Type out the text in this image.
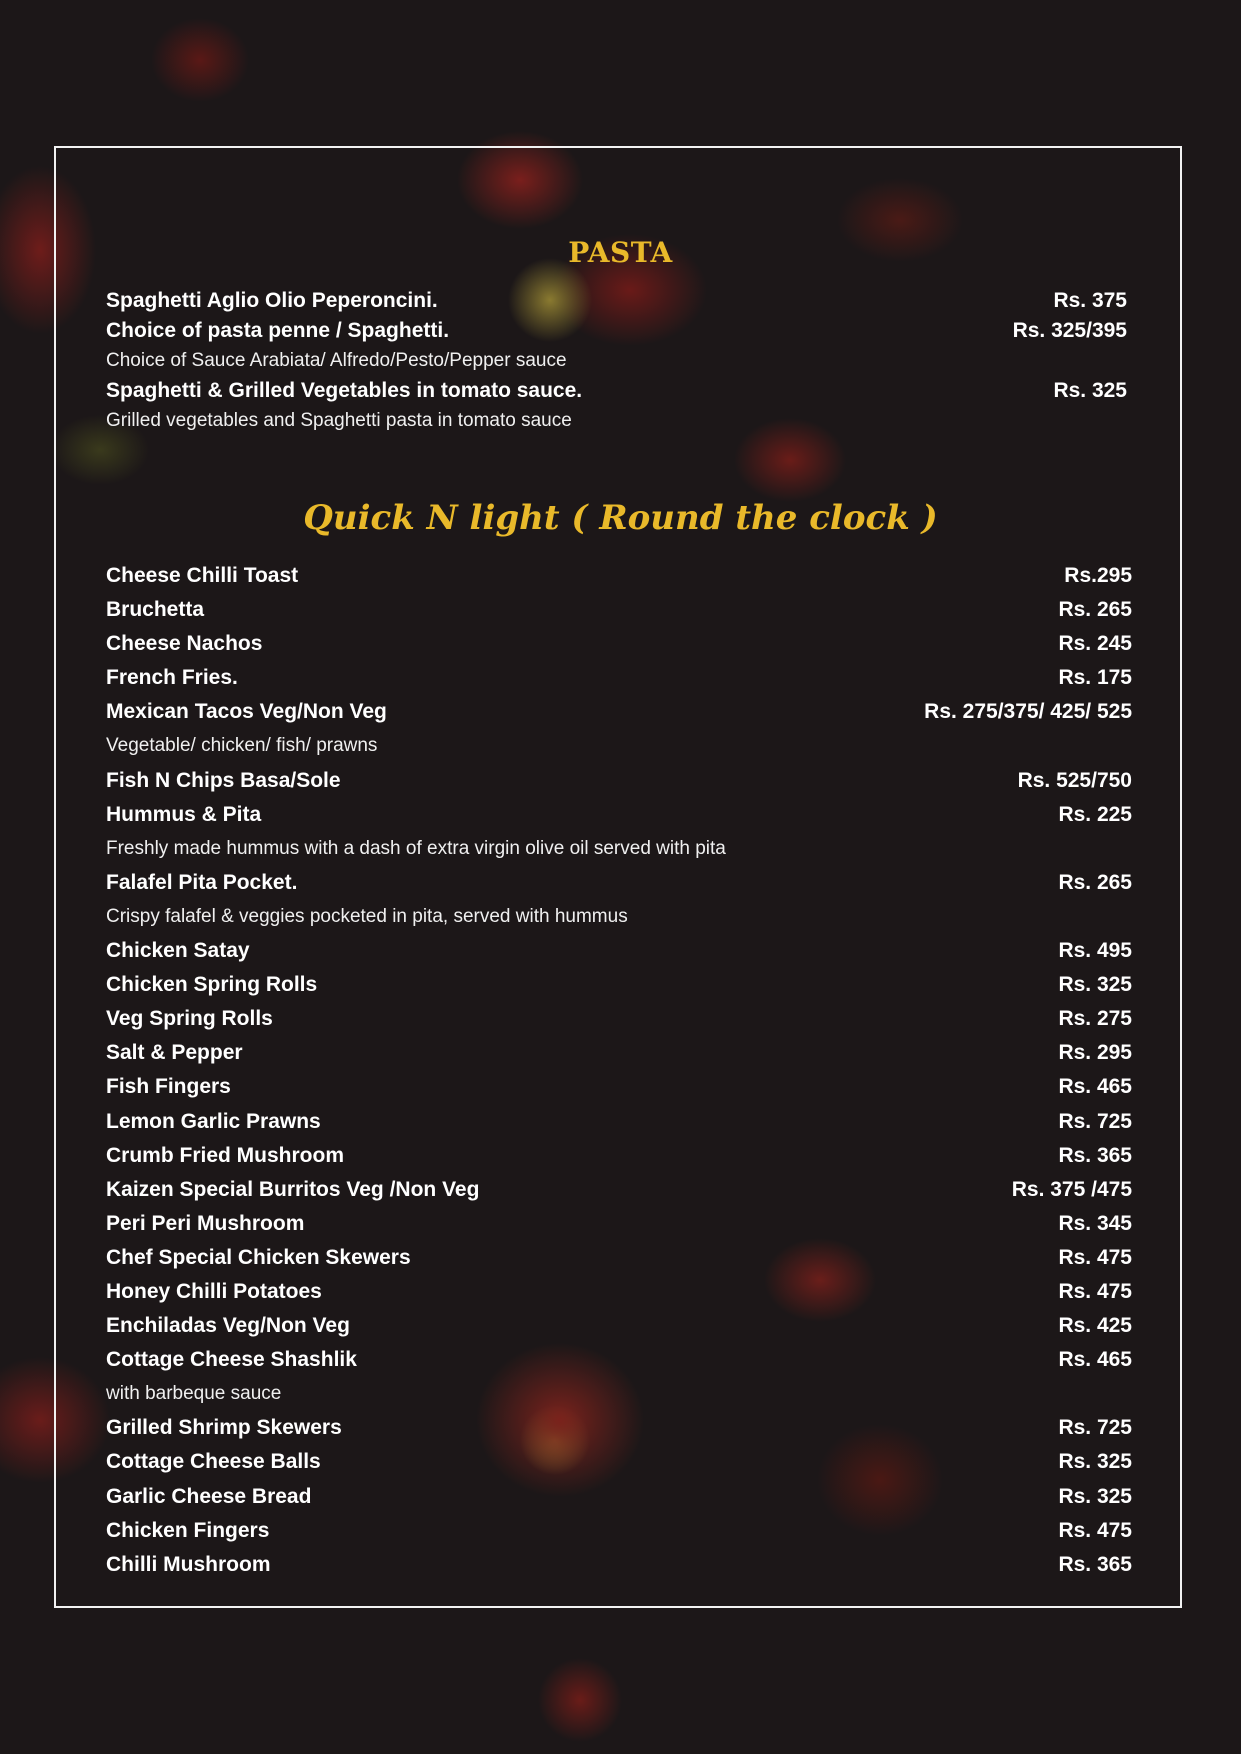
PASTA
Spaghetti Aglio Olio Peperoncini.	Rs. 375
Choice of pasta penne / Spaghetti.	Rs. 325/395
Choice of Sauce Arabiata/ Alfredo/Pesto/Pepper sauce
Spaghetti & Grilled Vegetables in tomato sauce.	Rs. 325
Grilled vegetables and Spaghetti pasta in tomato sauce
Quick N light ( Round the clock )
Cheese Chilli Toast	Rs.295
Bruchetta	Rs. 265
Cheese Nachos	Rs. 245
French Fries.	Rs. 175
Mexican Tacos Veg/Non Veg	Rs. 275/375/ 425/ 525
Vegetable/ chicken/ fish/ prawns
Fish N Chips Basa/Sole	Rs. 525/750
Hummus & Pita	Rs. 225
Freshly made hummus with a dash of extra virgin olive oil served with pita
Falafel Pita Pocket.	Rs. 265
Crispy falafel & veggies pocketed in pita, served with hummus
Chicken Satay	Rs. 495
Chicken Spring Rolls	Rs. 325
Veg Spring Rolls	Rs. 275
Salt & Pepper	Rs. 295
Fish Fingers	Rs. 465
Lemon Garlic Prawns	Rs. 725
Crumb Fried Mushroom	Rs. 365
Kaizen Special Burritos Veg /Non Veg	Rs. 375 /475
Peri Peri Mushroom	Rs. 345
Chef Special Chicken Skewers	Rs. 475
Honey Chilli Potatoes	Rs. 475
Enchiladas Veg/Non Veg	Rs. 425
Cottage Cheese Shashlik	Rs. 465
with barbeque sauce
Grilled Shrimp Skewers	Rs. 725
Cottage Cheese Balls	Rs. 325
Garlic Cheese Bread	Rs. 325
Chicken Fingers	Rs. 475
Chilli Mushroom	Rs. 365
